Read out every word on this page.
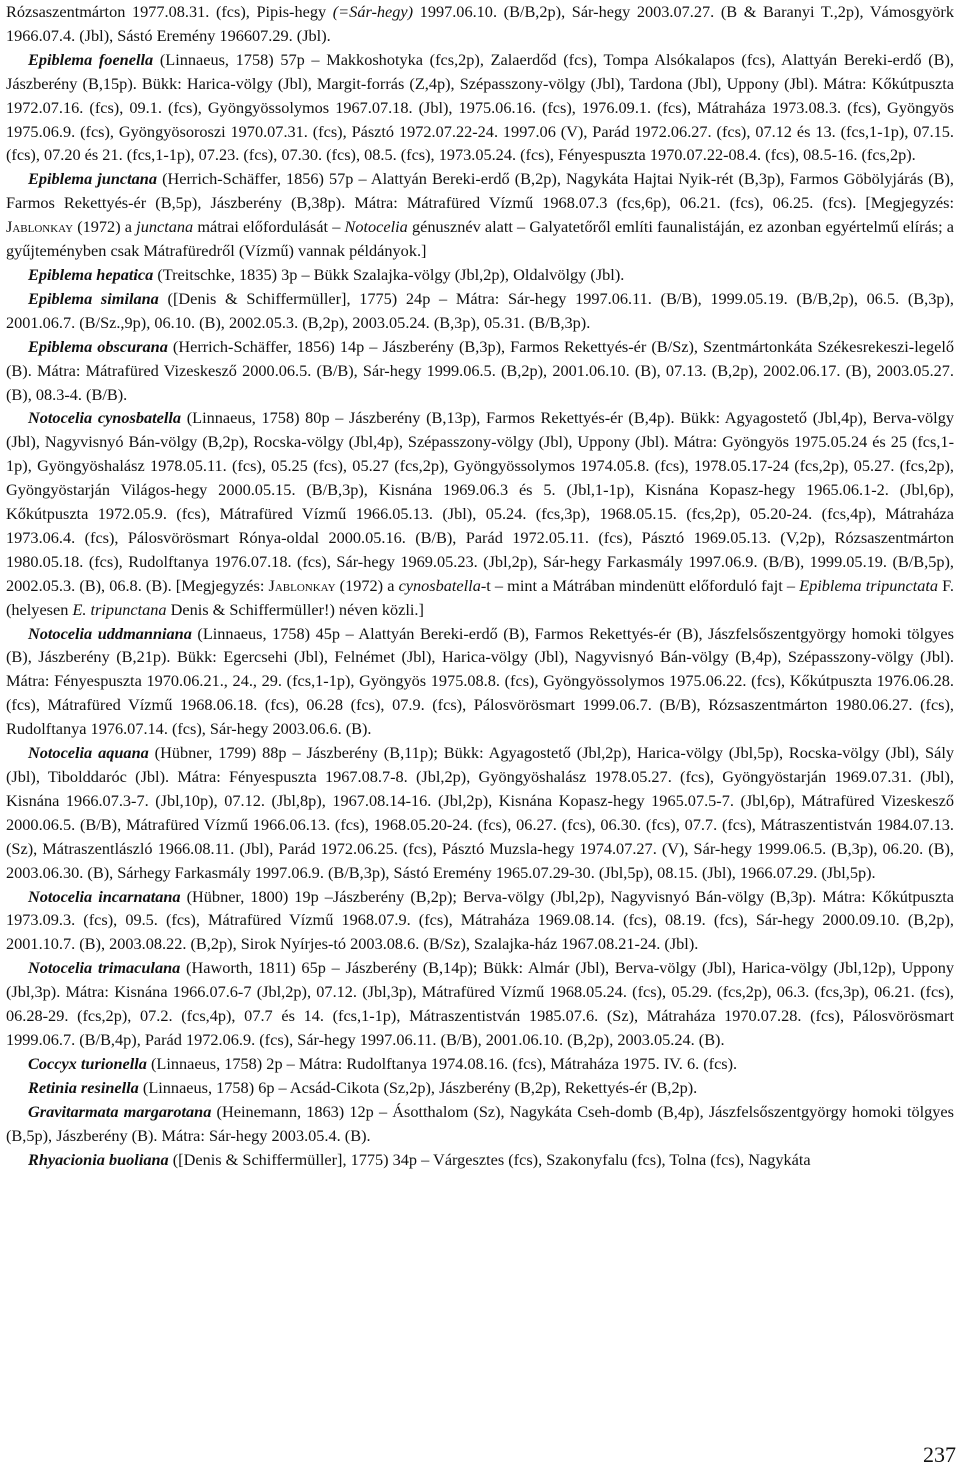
Rózsaszentmárton 1977.08.31. (fcs), Pipis-hegy (=Sár-hegy) 1997.06.10. (B/B,2p), Sár-hegy 2003.07.27. (B & Baranyi T.,2p), Vámosgyörk 1966.07.4. (Jbl), Sástó Eremény 196607.29. (Jbl).

Epiblema foenella (Linnaeus, 1758) 57p – Makkoshotyka (fcs,2p), Zalaerdőd (fcs), Tompa Alsókalapos (fcs), Alattyán Bereki-erdő (B), Jászberény (B,15p). Bükk: Harica-völgy (Jbl), Margit-forrás (Z,4p), Szépasszony-völgy (Jbl), Tardona (Jbl), Uppony (Jbl). Mátra: Kőkútpuszta 1972.07.16. (fcs), 09.1. (fcs), Gyöngyössolymos 1967.07.18. (Jbl), 1975.06.16. (fcs), 1976.09.1. (fcs), Mátraháza 1973.08.3. (fcs), Gyöngyös 1975.06.9. (fcs), Gyöngyösoroszi 1970.07.31. (fcs), Pásztó 1972.07.22-24. 1997.06 (V), Parád 1972.06.27. (fcs), 07.12 és 13. (fcs,1-1p), 07.15. (fcs), 07.20 és 21. (fcs,1-1p), 07.23. (fcs), 07.30. (fcs), 08.5. (fcs), 1973.05.24. (fcs), Fényespuszta 1970.07.22-08.4. (fcs), 08.5-16. (fcs,2p).

Epiblema junctana (Herrich-Schäffer, 1856) 57p – Alattyán Bereki-erdő (B,2p), Nagykáta Hajtai Nyik-rét (B,3p), Farmos Göbölyjárás (B), Farmos Rekettyés-ér (B,5p), Jászberény (B,38p). Mátra: Mátrafüred Vízmű 1968.07.3 (fcs,6p), 06.21. (fcs), 06.25. (fcs). [Megjegyzés: Jablonkay (1972) a junctana mátrai előfordulását – Notocelia génusznév alatt – Galyatetőről említi faunalistáján, ez azonban egyértelmű elírás; a gyűjteményben csak Mátrafüredről (Vízmű) vannak példányok.]

Epiblema hepatica (Treitschke, 1835) 3p – Bükk Szalajka-völgy (Jbl,2p), Oldalvölgy (Jbl).

Epiblema similana ([Denis & Schiffermüller], 1775) 24p – Mátra: Sár-hegy 1997.06.11. (B/B), 1999.05.19. (B/B,2p), 06.5. (B,3p), 2001.06.7. (B/Sz.,9p), 06.10. (B), 2002.05.3. (B,2p), 2003.05.24. (B,3p), 05.31. (B/B,3p).

Epiblema obscurana (Herrich-Schäffer, 1856) 14p – Jászberény (B,3p), Farmos Rekettyés-ér (B/Sz), Szentmártonkáta Székesrekeszi-legelő (B). Mátra: Mátrafüred Vizeskesző 2000.06.5. (B/B), Sár-hegy 1999.06.5. (B,2p), 2001.06.10. (B), 07.13. (B,2p), 2002.06.17. (B), 2003.05.27. (B), 08.3-4. (B/B).

Notocelia cynosbatella (Linnaeus, 1758) 80p – Jászberény (B,13p), Farmos Rekettyés-ér (B,4p). Bükk: Agyagostető (Jbl,4p), Berva-völgy (Jbl), Nagyvisnyó Bán-völgy (B,2p), Rocska-völgy (Jbl,4p), Szépasszony-völgy (Jbl), Uppony (Jbl). Mátra: Gyöngyös 1975.05.24 és 25 (fcs,1-1p), Gyöngyöshalász 1978.05.11. (fcs), 05.25 (fcs), 05.27 (fcs,2p), Gyöngyössolymos 1974.05.8. (fcs), 1978.05.17-24 (fcs,2p), 05.27. (fcs,2p), Gyöngyöstarján Világos-hegy 2000.05.15. (B/B,3p), Kisnána 1969.06.3 és 5. (Jbl,1-1p), Kisnána Kopasz-hegy 1965.06.1-2. (Jbl,6p), Kőkútpuszta 1972.05.9. (fcs), Mátrafüred Vízmű 1966.05.13. (Jbl), 05.24. (fcs,3p), 1968.05.15. (fcs,2p), 05.20-24. (fcs,4p), Mátraháza 1973.06.4. (fcs), Pálosvörösmart Rónya-oldal 2000.05.16. (B/B), Parád 1972.05.11. (fcs), Pásztó 1969.05.13. (V,2p), Rózsaszentmárton 1980.05.18. (fcs), Rudolftanya 1976.07.18. (fcs), Sár-hegy 1969.05.23. (Jbl,2p), Sár-hegy Farkasmály 1997.06.9. (B/B), 1999.05.19. (B/B,5p), 2002.05.3. (B), 06.8. (B). [Megjegyzés: Jablonkay (1972) a cynosbatella-t – mint a Mátrában mindenütt előforduló fajt – Epiblema tripunctata F. (helyesen E. tripunctana Denis & Schiffermüller!) néven közli.]

Notocelia uddmanniana (Linnaeus, 1758) 45p – Alattyán Bereki-erdő (B), Farmos Rekettyés-ér (B), Jászfelsőszentgyörgy homoki tölgyes (B), Jászberény (B,21p). Bükk: Egercsehi (Jbl), Felnémet (Jbl), Harica-völgy (Jbl), Nagyvisnyó Bán-völgy (B,4p), Szépasszony-völgy (Jbl). Mátra: Fényespuszta 1970.06.21., 24., 29. (fcs,1-1p), Gyöngyös 1975.08.8. (fcs), Gyöngyössolymos 1975.06.22. (fcs), Kőkútpuszta 1976.06.28. (fcs), Mátrafüred Vízmű 1968.06.18. (fcs), 06.28 (fcs), 07.9. (fcs), Pálosvörösmart 1999.06.7. (B/B), Rózsaszentmárton 1980.06.27. (fcs), Rudolftanya 1976.07.14. (fcs), Sár-hegy 2003.06.6. (B).

Notocelia aquana (Hübner, 1799) 88p – Jászberény (B,11p); Bükk: Agyagostető (Jbl,2p), Harica-völgy (Jbl,5p), Rocska-völgy (Jbl), Sály (Jbl), Tibolddaróc (Jbl). Mátra: Fényespuszta 1967.08.7-8. (Jbl,2p), Gyöngyöshalász 1978.05.27. (fcs), Gyöngyöstarján 1969.07.31. (Jbl), Kisnána 1966.07.3-7. (Jbl,10p), 07.12. (Jbl,8p), 1967.08.14-16. (Jbl,2p), Kisnána Kopasz-hegy 1965.07.5-7. (Jbl,6p), Mátrafüred Vizeskesző 2000.06.5. (B/B), Mátrafüred Vízmű 1966.06.13. (fcs), 1968.05.20-24. (fcs), 06.27. (fcs), 06.30. (fcs), 07.7. (fcs), Mátraszentistván 1984.07.13. (Sz), Mátraszentlászló 1966.08.11. (Jbl), Parád 1972.06.25. (fcs), Pásztó Muzsla-hegy 1974.07.27. (V), Sár-hegy 1999.06.5. (B,3p), 06.20. (B), 2003.06.30. (B), Sárhegy Farkasmály 1997.06.9. (B/B,3p), Sástó Eremény 1965.07.29-30. (Jbl,5p), 08.15. (Jbl), 1966.07.29. (Jbl,5p).

Notocelia incarnatana (Hübner, 1800) 19p –Jászberény (B,2p); Berva-völgy (Jbl,2p), Nagyvisnyó Bán-völgy (B,3p). Mátra: Kőkútpuszta 1973.09.3. (fcs), 09.5. (fcs), Mátrafüred Vízmű 1968.07.9. (fcs), Mátraháza 1969.08.14. (fcs), 08.19. (fcs), Sár-hegy 2000.09.10. (B,2p), 2001.10.7. (B), 2003.08.22. (B,2p), Sirok Nyírjes-tó 2003.08.6. (B/Sz), Szalajka-ház 1967.08.21-24. (Jbl).

Notocelia trimaculana (Haworth, 1811) 65p – Jászberény (B,14p); Bükk: Almár (Jbl), Berva-völgy (Jbl), Harica-völgy (Jbl,12p), Uppony (Jbl,3p). Mátra: Kisnána 1966.07.6-7 (Jbl,2p), 07.12. (Jbl,3p), Mátrafüred Vízmű 1968.05.24. (fcs), 05.29. (fcs,2p), 06.3. (fcs,3p), 06.21. (fcs), 06.28-29. (fcs,2p), 07.2. (fcs,4p), 07.7 és 14. (fcs,1-1p), Mátraszentistván 1985.07.6. (Sz), Mátraháza 1970.07.28. (fcs), Pálosvörösmart 1999.06.7. (B/B,4p), Parád 1972.06.9. (fcs), Sár-hegy 1997.06.11. (B/B), 2001.06.10. (B,2p), 2003.05.24. (B).

Coccyx turionella (Linnaeus, 1758) 2p – Mátra: Rudolftanya 1974.08.16. (fcs), Mátraháza 1975. IV. 6. (fcs).

Retinia resinella (Linnaeus, 1758) 6p – Acsád-Cikota (Sz,2p), Jászberény (B,2p), Rekettyés-ér (B,2p).

Gravitarmata margarotana (Heinemann, 1863) 12p – Ásotthalom (Sz), Nagykáta Cseh-domb (B,4p), Jászfelsőszentgyörgy homoki tölgyes (B,5p), Jászberény (B). Mátra: Sár-hegy 2003.05.4. (B).

Rhyacionia buoliana ([Denis & Schiffermüller], 1775) 34p – Várgesztes (fcs), Szakonyfalu (fcs), Tolna (fcs), Nagykáta

237
